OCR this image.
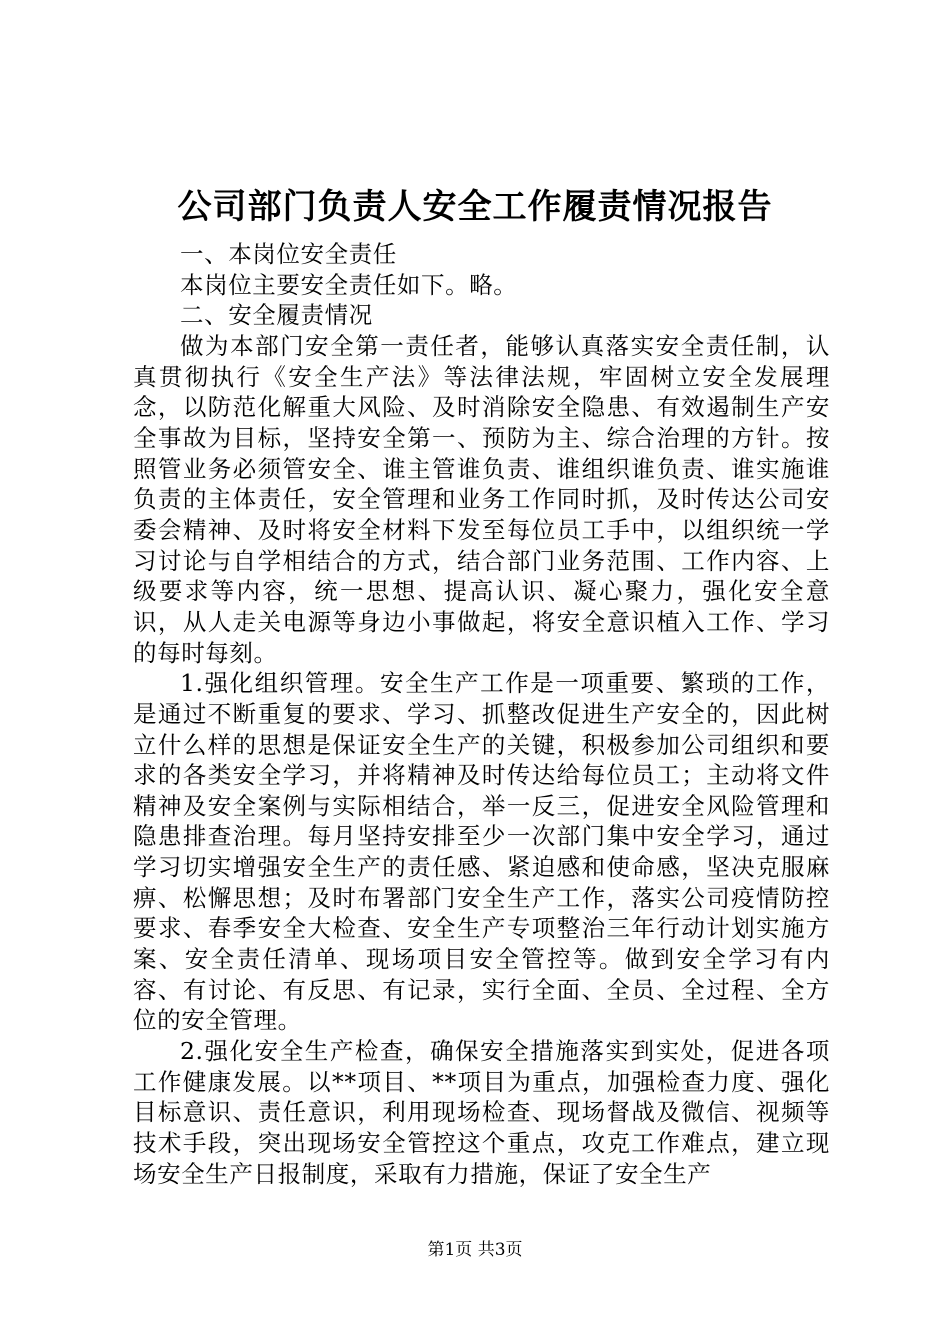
公司部门负责人安全工作履责情况报告

一、本岗位安全责任

本岗位主要安全责任如下。略。

二、安全履责情况

做为本部门安全第一责任者，能够认真落实安全责任制，认真贯彻执行《安全生产法》等法律法规，牢固树立安全发展理念，以防范化解重大风险、及时消除安全隐患、有效遏制生产安全事故为目标，坚持安全第一、预防为主、综合治理的方针。按照管业务必须管安全、谁主管谁负责、谁组织谁负责、谁实施谁负责的主体责任，安全管理和业务工作同时抓，及时传达公司安委会精神、及时将安全材料下发至每位员工手中，以组织统一学习讨论与自学相结合的方式，结合部门业务范围、工作内容、上级要求等内容，统一思想、提高认识、凝心聚力，强化安全意识，从人走关电源等身边小事做起，将安全意识植入工作、学习的每时每刻。

1.强化组织管理。安全生产工作是一项重要、繁琐的工作，是通过不断重复的要求、学习、抓整改促进生产安全的，因此树立什么样的思想是保证安全生产的关键，积极参加公司组织和要求的各类安全学习，并将精神及时传达给每位员工；主动将文件精神及安全案例与实际相结合，举一反三，促进安全风险管理和隐患排查治理。每月坚持安排至少一次部门集中安全学习，通过学习切实增强安全生产的责任感、紧迫感和使命感，坚决克服麻痹、松懈思想；及时布署部门安全生产工作，落实公司疫情防控要求、春季安全大检查、安全生产专项整治三年行动计划实施方案、安全责任清单、现场项目安全管控等。做到安全学习有内容、有讨论、有反思、有记录，实行全面、全员、全过程、全方位的安全管理。

2.强化安全生产检查，确保安全措施落实到实处，促进各项工作健康发展。以**项目、**项目为重点，加强检查力度、强化目标意识、责任意识，利用现场检查、现场督战及微信、视频等技术手段，突出现场安全管控这个重点，攻克工作难点，建立现场安全生产日报制度，采取有力措施，保证了安全生产

第1页 共3页
